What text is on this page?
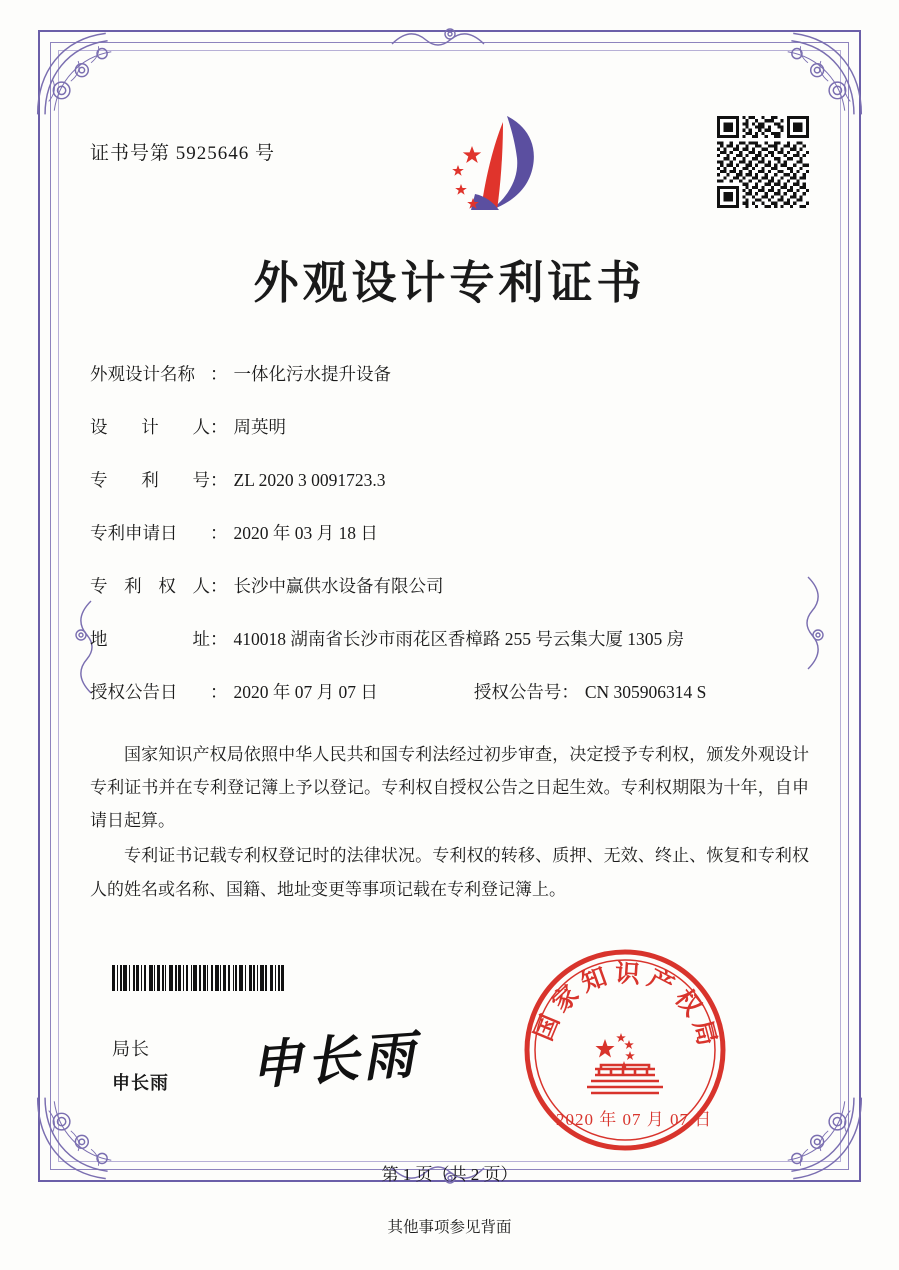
证书号第 5925646 号
外观设计专利证书
外观设计名称 ： 一体化污水提升设备
设 计 人 ： 周英明
专 利 号 ： ZL 2020 3 0091723.3
专利申请日	： 2020 年 03 月 18 日
专 利 权 人 ： 长沙中赢供水设备有限公司
地	址 ： 410018 湖南省长沙市雨花区香樟路 255 号云集大厦 1305 房
授权公告日	： 2020 年 07 月 07 日	授权公告号 ： CN 305906314 S

国家知识产权局依照中华人民共和国专利法经过初步审查，决定授予专利权，颁发外观设计专利证书并在专利登记簿上予以登记。专利权自授权公告之日起生效。专利权期限为十年，自申请日起算。

专利证书记载专利权登记时的法律状况。专利权的转移、质押、无效、终止、恢复和专利权人的姓名或名称、国籍、地址变更等事项记载在专利登记簿上。

局长
申长雨 申长雨	国家知识产权局
2020 年 07 月 07 日
第 1 页（共 2 页）
其他事项参见背面
